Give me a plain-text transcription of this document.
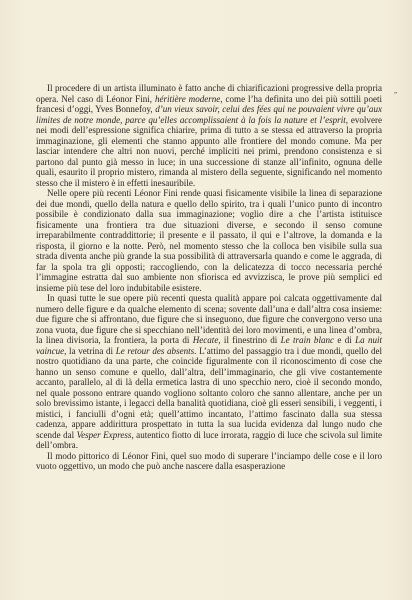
”

Il procedere di un artista illuminato è fatto anche di chiarificazioni progressive della propria opera. Nel caso di Léonor Fini, héritière moderne, come l’ha definita uno dei più sottili poeti francesi d’oggi, Yves Bonnefoy, d’un vieux savoir, celui des fées qui ne pouvaient vivre qu’aux limites de notre monde, parce qu’elles accomplissaient à la fois la nature et l’esprit, evolvere nei modi dell’espressione significa chiarire, prima di tutto a se stessa ed attraverso la propria immaginazione, gli elementi che stanno appunto alle frontiere del mondo comune. Ma per lasciar intendere che altri non nuovi, perché impliciti nei primi, prendono consistenza e si partono dal punto già messo in luce; in una successione di stanze all’infinito, ognuna delle quali, esaurito il proprio mistero, rimanda al mistero della seguente, significando nel momento stesso che il mistero è in effetti inesauribile.

Nelle opere più recenti Léonor Fini rende quasi fisicamente visibile la linea di separazione dei due mondi, quello della natura e quello dello spirito, tra i quali l’unico punto di incontro possibile è condizionato dalla sua immaginazione; voglio dire a che l’artista istituisce fisicamente una frontiera tra due situazioni diverse, e secondo il senso comune irreparabilmente contraddittorie; il presente e il passato, il qui e l’altrove, la domanda e la risposta, il giorno e la notte. Però, nel momento stesso che la colloca ben visibile sulla sua strada diventa anche più grande la sua possibilità di attraversarla quando e come le aggrada, di far la spola tra gli opposti; raccogliendo, con la delicatezza di tocco necessaria perché l’immagine estratta dal suo ambiente non sfiorisca ed avvizzisca, le prove più semplici ed insieme più tese del loro indubitabile esistere.

In quasi tutte le sue opere più recenti questa qualità appare poi calcata oggettivamente dal numero delle figure e da qualche elemento di scena; sovente dall’una e dall’altra cosa insieme: due figure che si affrontano, due figure che si inseguono, due figure che convergono verso una zona vuota, due figure che si specchiano nell’identità dei loro movimenti, e una linea d’ombra, la linea divisoria, la frontiera, la porta di Hecate, il finestrino di Le train blanc e di La nuit vaincue, la vetrina di Le retour des absents. L’attimo del passaggio tra i due mondi, quello del nostro quotidiano da una parte, che coincide figuralmente con il riconoscimento di cose che hanno un senso comune e quello, dall’altra, dell’immaginario, che gli vive costantemente accanto, parallelo, al di là della ermetica lastra di uno specchio nero, cioè il secondo mondo, nel quale possono entrare quando vogliono soltanto coloro che sanno allentare, anche per un solo brevissimo istante, i legacci della banalità quotidiana, cioè gli esseri sensibili, i veggenti, i mistici, i fanciulli d’ogni età; quell’attimo incantato, l’attimo fascinato dalla sua stessa cadenza, appare addirittura prospettato in tutta la sua lucida evidenza dal lungo nudo che scende dal Vesper Express, autentico fiotto di luce irrorata, raggio di luce che scivola sul limite dell’ombra.

Il modo pittorico di Léonor Fini, quel suo modo di superare l’inciampo delle cose e il loro vuoto oggettivo, un modo che può anche nascere dalla esasperazione
